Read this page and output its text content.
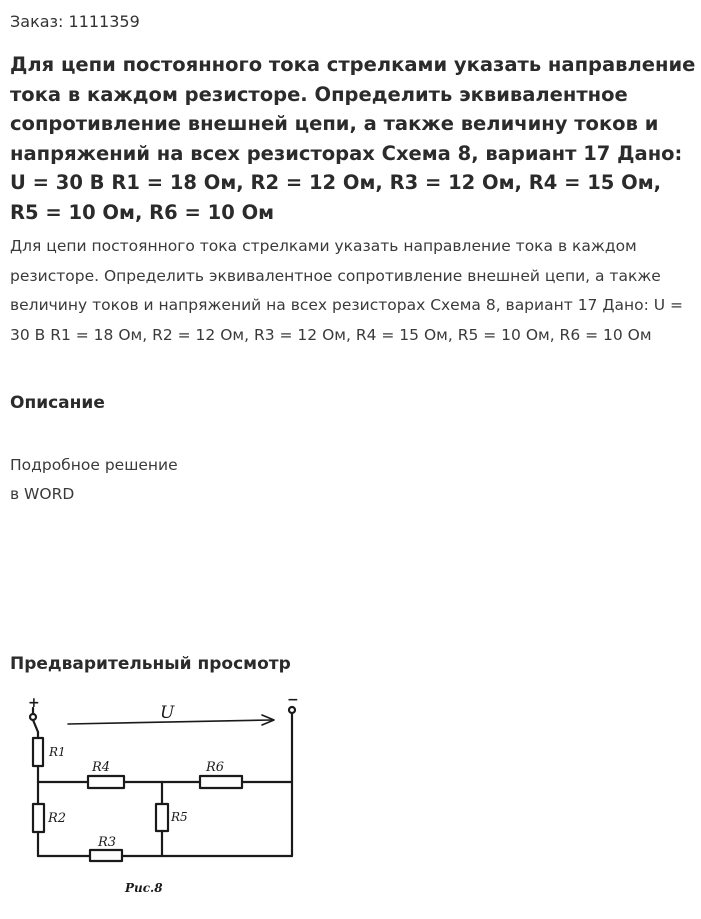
Заказ: 1111359
Для цепи постоянного тока стрелками указать направление тока в каждом резисторе. Определить эквивалентное сопротивление внешней цепи, а также величину токов и напряжений на всех резисторах Схема 8, вариант 17 Дано: U = 30 В R1 = 18 Ом, R2 = 12 Ом, R3 = 12 Ом, R4 = 15 Ом, R5 = 10 Ом, R6 = 10 Ом

Для цепи постоянного тока стрелками указать направление тока в каждом резисторе. Определить эквивалентное сопротивление внешней цепи, а также величину токов и напряжений на всех резисторах Схема 8, вариант 17 Дано: U = 30 В R1 = 18 Ом, R2 = 12 Ом, R3 = 12 Ом, R4 = 15 Ом, R5 = 10 Ом, R6 = 10 Ом

Описание
Подробное решение
в WORD
Предварительный просмотр
+	−
U
R1
R4	R6
R2	R5
R3
Рис.8
